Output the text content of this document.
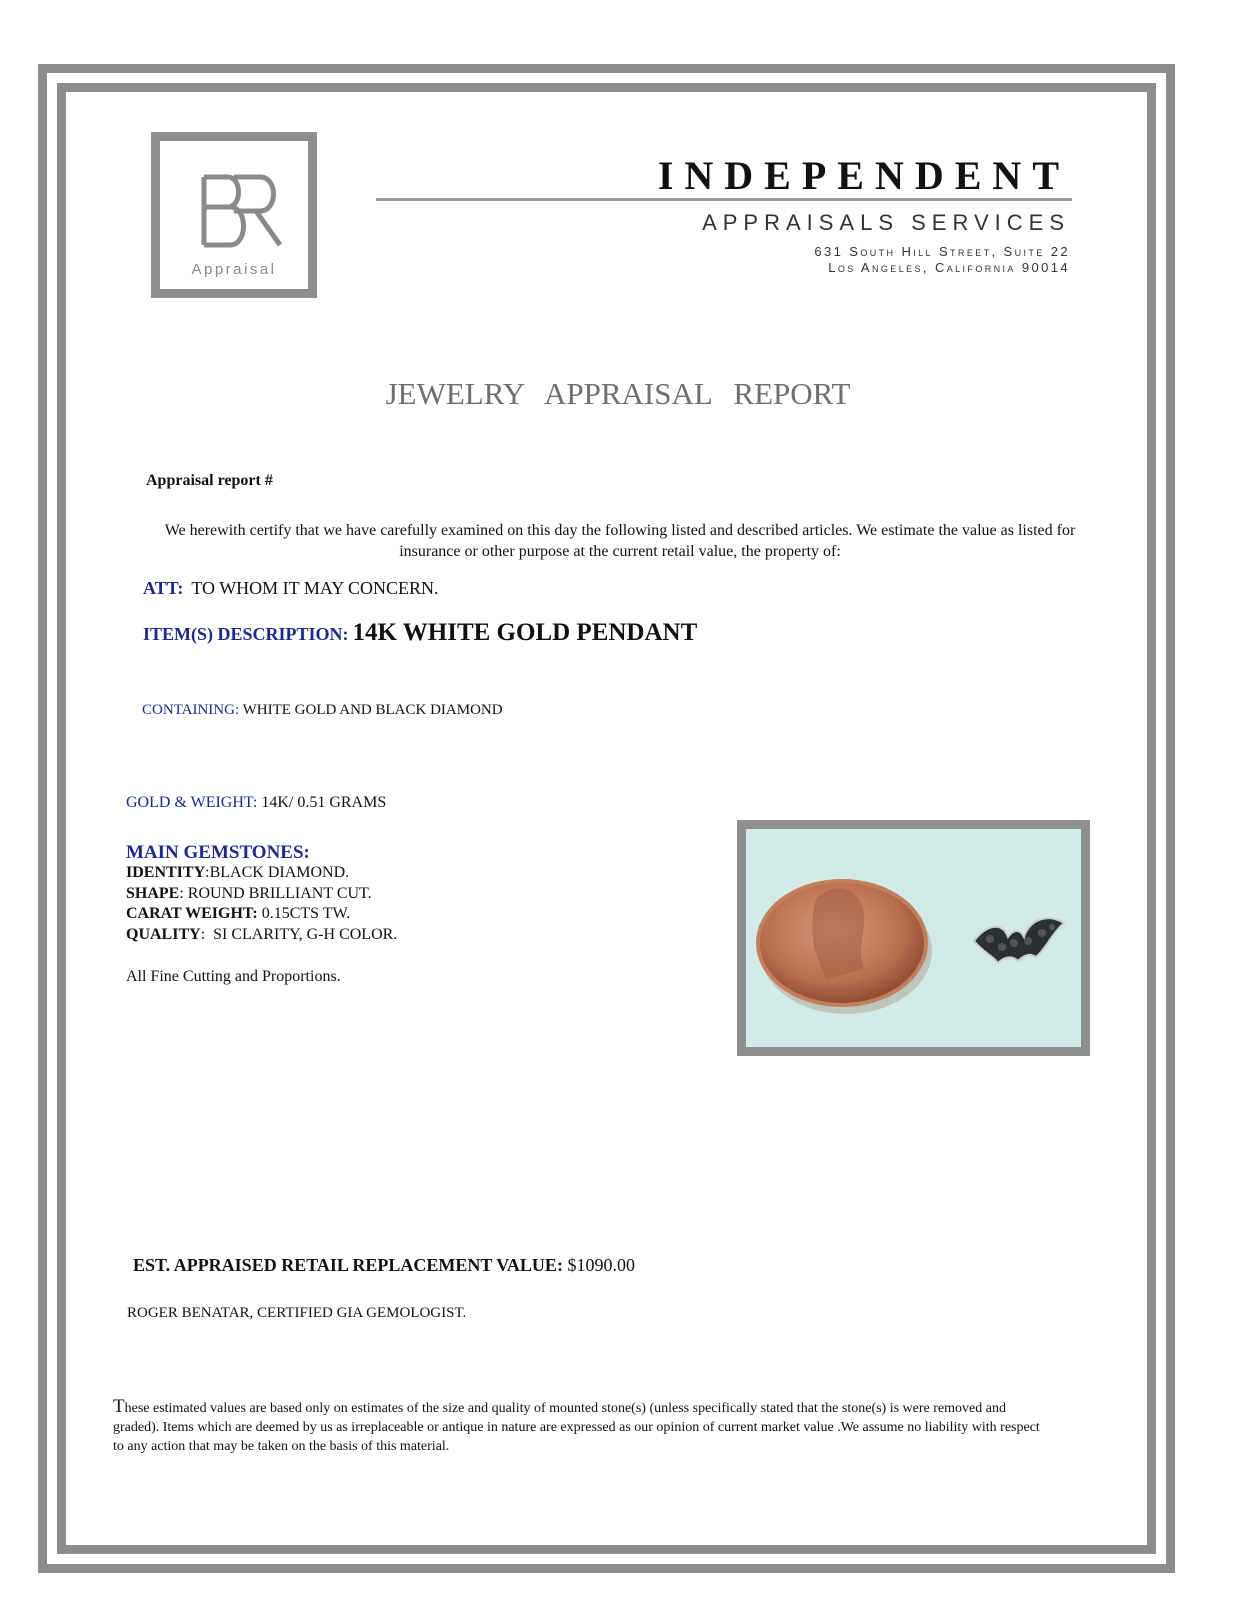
Appraisal
INDEPENDENT
APPRAISALS SERVICES
631 South Hill Street, Suite 22
Los Angeles, California 90014
JEWELRY APPRAISAL REPORT
Appraisal report #
We herewith certify that we have carefully examined on this day the following listed and described articles. We estimate the value as listed for insurance or other purpose at the current retail value, the property of:
ATT: TO WHOM IT MAY CONCERN.
ITEM(S) DESCRIPTION: 14K WHITE GOLD PENDANT
CONTAINING: WHITE GOLD AND BLACK DIAMOND
GOLD & WEIGHT: 14K/ 0.51 GRAMS
MAIN GEMSTONES:
IDENTITY:BLACK DIAMOND.
SHAPE: ROUND BRILLIANT CUT.
CARAT WEIGHT: 0.15CTS TW.
QUALITY:  SI CLARITY, G-H COLOR.
All Fine Cutting and Proportions.
EST. APPRAISED RETAIL REPLACEMENT VALUE: $1090.00
ROGER BENATAR, CERTIFIED GIA GEMOLOGIST.
These estimated values are based only on estimates of the size and quality of mounted stone(s) (unless specifically stated that the stone(s) is were removed and graded). Items which are deemed by us as irreplaceable or antique in nature are expressed as our opinion of current market value .We assume no liability with respect to any action that may be taken on the basis of this material.
